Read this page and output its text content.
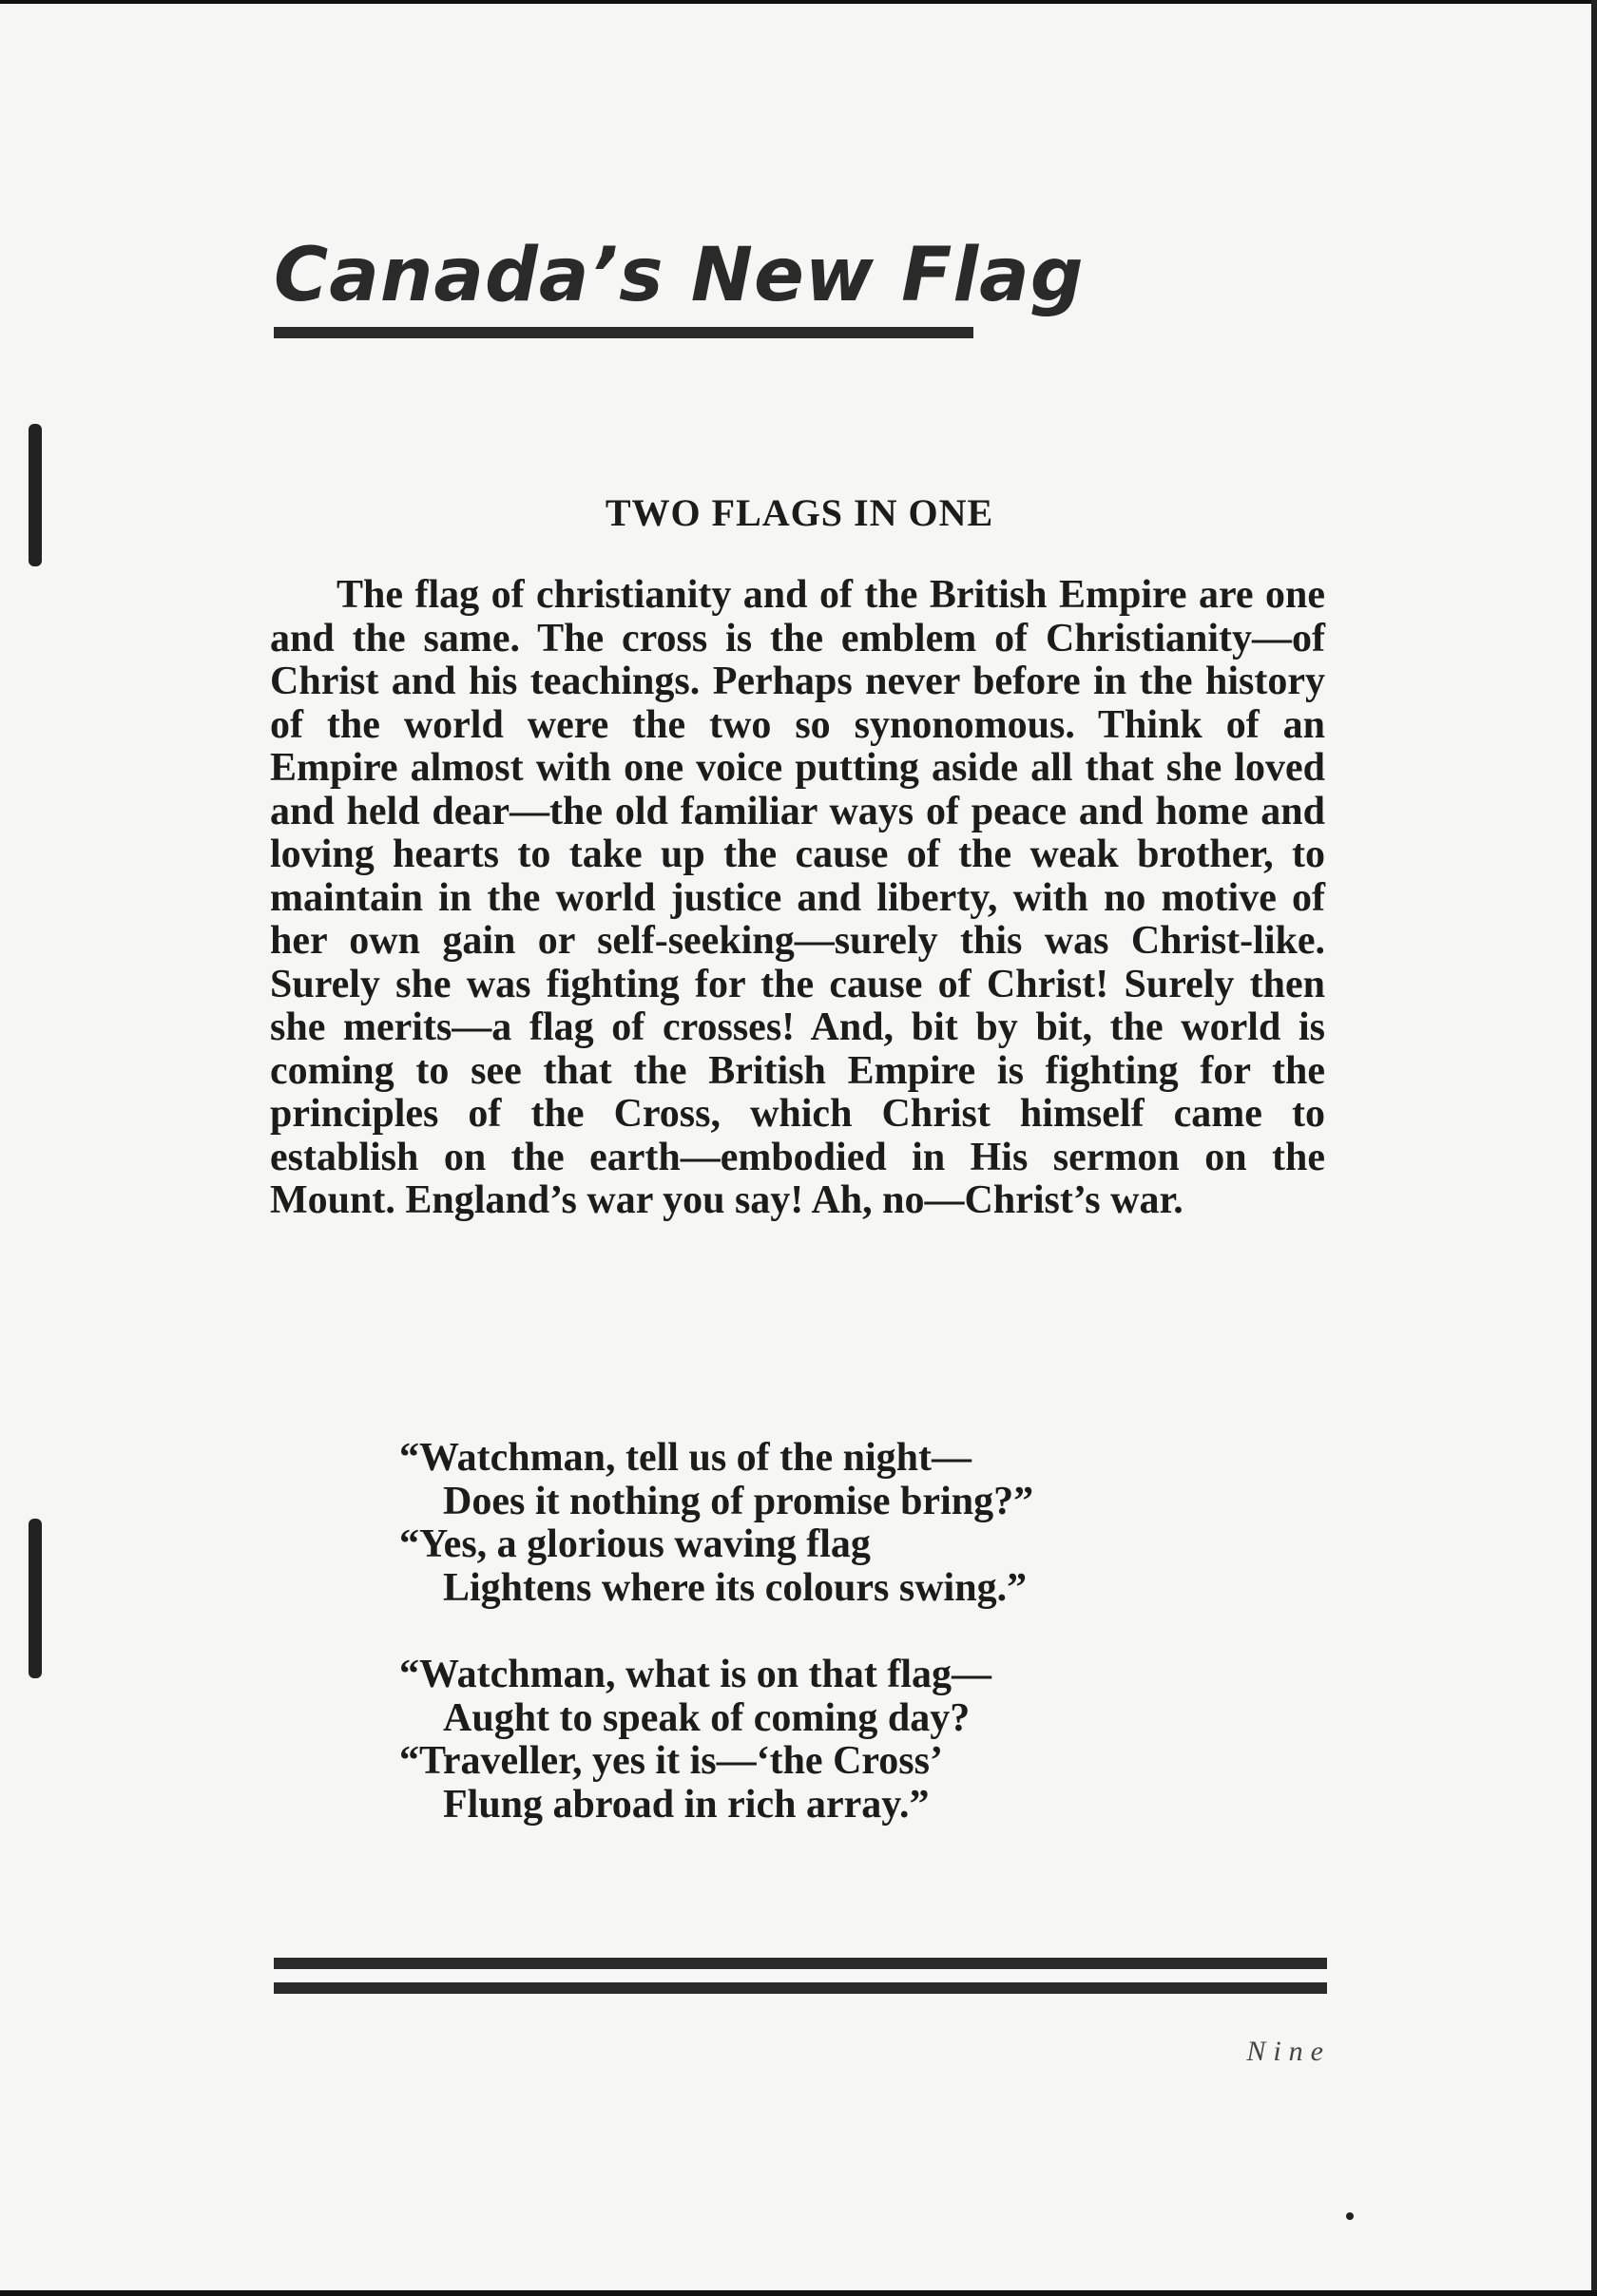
Canada’s New Flag
TWO FLAGS IN ONE

The flag of christianity and of the British Empire are one and the same. The cross is the emblem of Christianity—of Christ and his teachings. Perhaps never before in the history of the world were the two so synonomous. Think of an Empire almost with one voice putting aside all that she loved and held dear—the old familiar ways of peace and home and loving hearts to take up the cause of the weak brother, to maintain in the world justice and liberty, with no motive of her own gain or self-seeking—surely this was Christ-like. Surely she was fighting for the cause of Christ! Surely then she merits—a flag of crosses! And, bit by bit, the world is coming to see that the British Empire is fighting for the principles of the Cross, which Christ himself came to establish on the earth—embodied in His sermon on the Mount. England’s war you say! Ah, no—Christ’s war.

“Watchman, tell us of the night—
Does it nothing of promise bring?”
“Yes, a glorious waving flag
Lightens where its colours swing.”
“Watchman, what is on that flag—
Aught to speak of coming day?
“Traveller, yes it is—‘the Cross’
Flung abroad in rich array.”
Nine
